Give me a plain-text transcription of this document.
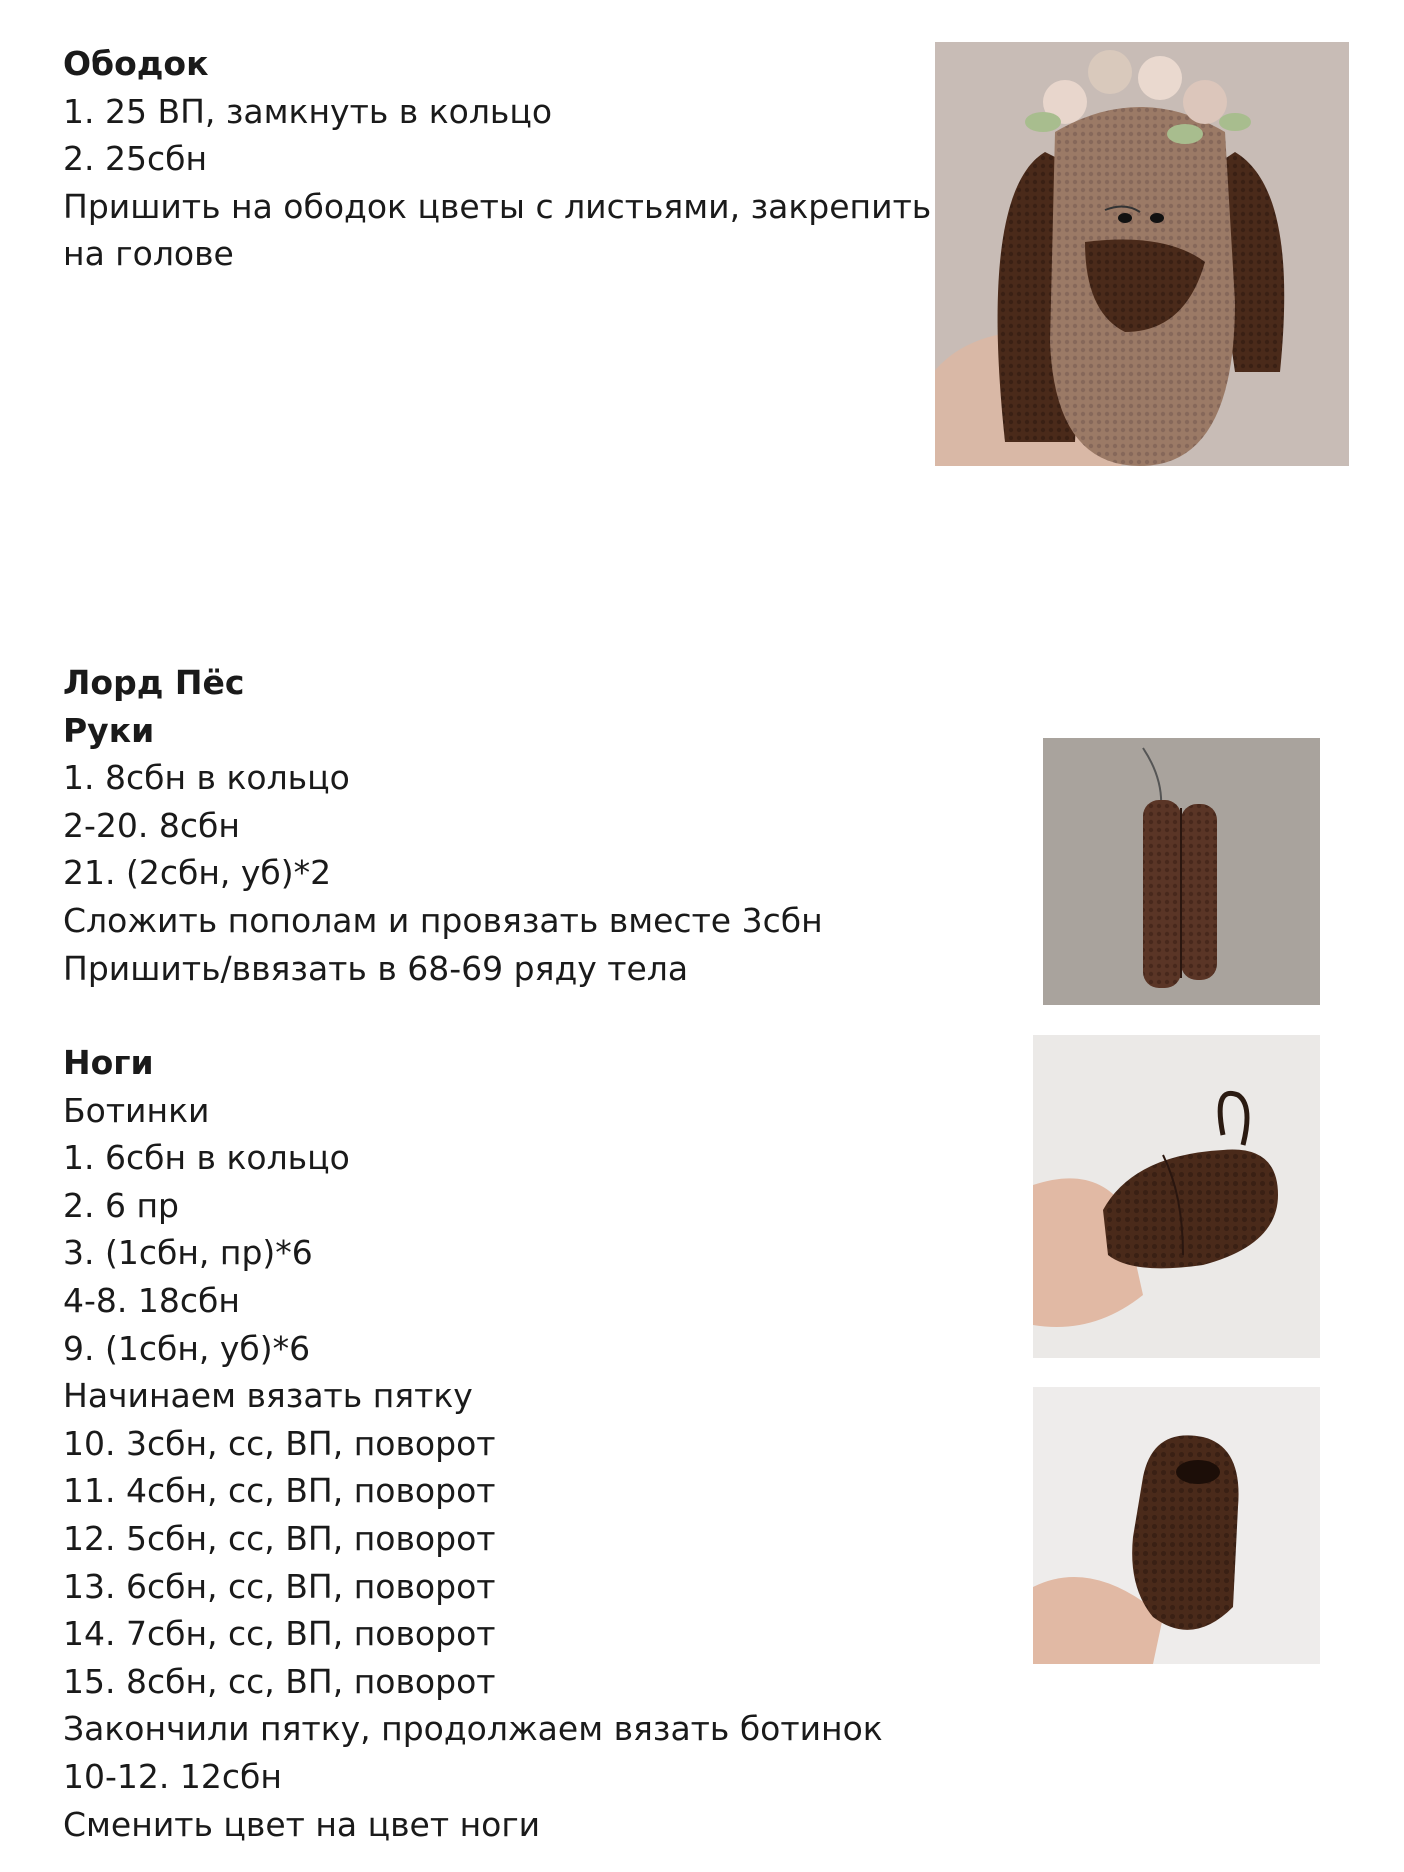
Ободок
1. 25 ВП, замкнуть в кольцо
2. 25сбн
Пришить на ободок цветы с листьями, закрепить
на голове
Лорд Пёс
Руки
1. 8сбн в кольцо
2-20. 8сбн
21. (2сбн, уб)*2
Сложить пополам и провязать вместе 3сбн
Пришить/ввязать в 68-69 ряду тела
Ноги
Ботинки
1. 6сбн в кольцо
2. 6 пр
3. (1сбн, пр)*6
4-8. 18сбн
9. (1сбн, уб)*6
Начинаем вязать пятку
10. 3сбн, сс, ВП, поворот
11. 4сбн, сс, ВП, поворот
12. 5сбн, сс, ВП, поворот
13. 6сбн, сс, ВП, поворот
14. 7сбн, сс, ВП, поворот
15. 8сбн, сс, ВП, поворот
Закончили пятку, продолжаем вязать ботинок
10-12. 12сбн
Сменить цвет на цвет ноги
